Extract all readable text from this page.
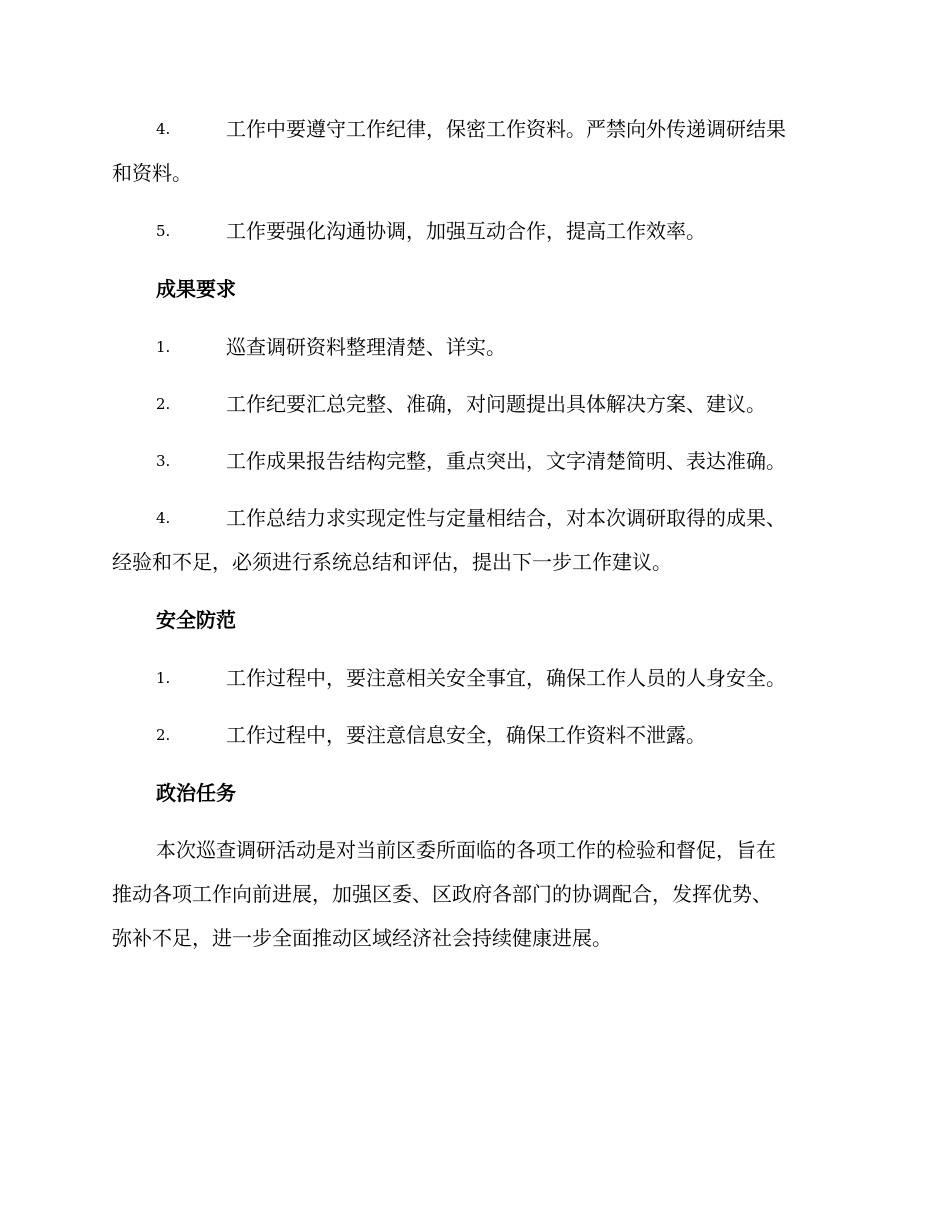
4.	工作中要遵守工作纪律，保密工作资料。严禁向外传递调研结果
和资料。
5.	工作要强化沟通协调，加强互动合作，提高工作效率。
成果要求
1.	巡查调研资料整理清楚、详实。
2.	工作纪要汇总完整、准确，对问题提出具体解决方案、建议。
3.	工作成果报告结构完整，重点突出，文字清楚简明、表达准确。
4.	工作总结力求实现定性与定量相结合，对本次调研取得的成果、
经验和不足，必须进行系统总结和评估，提出下一步工作建议。
安全防范
1.	工作过程中，要注意相关安全事宜，确保工作人员的人身安全。
2.	工作过程中，要注意信息安全，确保工作资料不泄露。
政治任务
本次巡查调研活动是对当前区委所面临的各项工作的检验和督促，旨在
推动各项工作向前进展，加强区委、区政府各部门的协调配合，发挥优势、
弥补不足，进一步全面推动区域经济社会持续健康进展。
